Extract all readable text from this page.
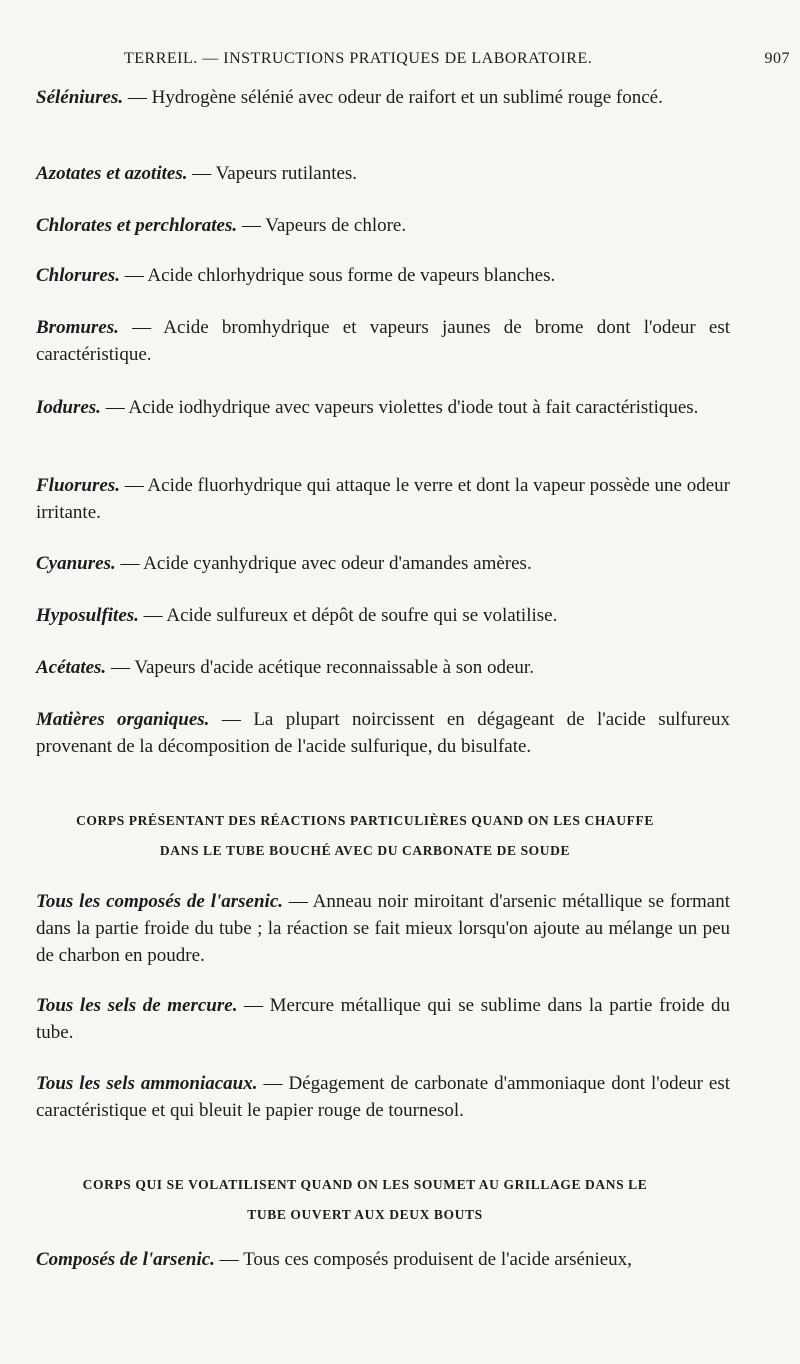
TERREIL. — INSTRUCTIONS PRATIQUES DE LABORATOIRE.	907
Séléniures. — Hydrogène sélénié avec odeur de raifort et un sublimé rouge foncé.
Azotates et azotites. — Vapeurs rutilantes.
Chlorates et perchlorates. — Vapeurs de chlore.
Chlorures. — Acide chlorhydrique sous forme de vapeurs blanches.
Bromures. — Acide bromhydrique et vapeurs jaunes de brome dont l'odeur est caractéristique.
Iodures. — Acide iodhydrique avec vapeurs violettes d'iode tout à fait caractéristiques.
Fluorures. — Acide fluorhydrique qui attaque le verre et dont la vapeur possède une odeur irritante.
Cyanures. — Acide cyanhydrique avec odeur d'amandes amères.
Hyposulfites. — Acide sulfureux et dépôt de soufre qui se volatilise.
Acétates. — Vapeurs d'acide acétique reconnaissable à son odeur.
Matières organiques. — La plupart noircissent en dégageant de l'acide sulfureux provenant de la décomposition de l'acide sulfurique, du bisulfate.
CORPS PRÉSENTANT DES RÉACTIONS PARTICULIÈRES QUAND ON LES CHAUFFE
DANS LE TUBE BOUCHÉ AVEC DU CARBONATE DE SOUDE
Tous les composés de l'arsenic. — Anneau noir miroitant d'arsenic métallique se formant dans la partie froide du tube ; la réaction se fait mieux lorsqu'on ajoute au mélange un peu de charbon en poudre.
Tous les sels de mercure. — Mercure métallique qui se sublime dans la partie froide du tube.
Tous les sels ammoniacaux. — Dégagement de carbonate d'ammoniaque dont l'odeur est caractéristique et qui bleuit le papier rouge de tournesol.
CORPS QUI SE VOLATILISENT QUAND ON LES SOUMET AU GRILLAGE DANS LE
TUBE OUVERT AUX DEUX BOUTS
Composés de l'arsenic. — Tous ces composés produisent de l'acide arsénieux,
